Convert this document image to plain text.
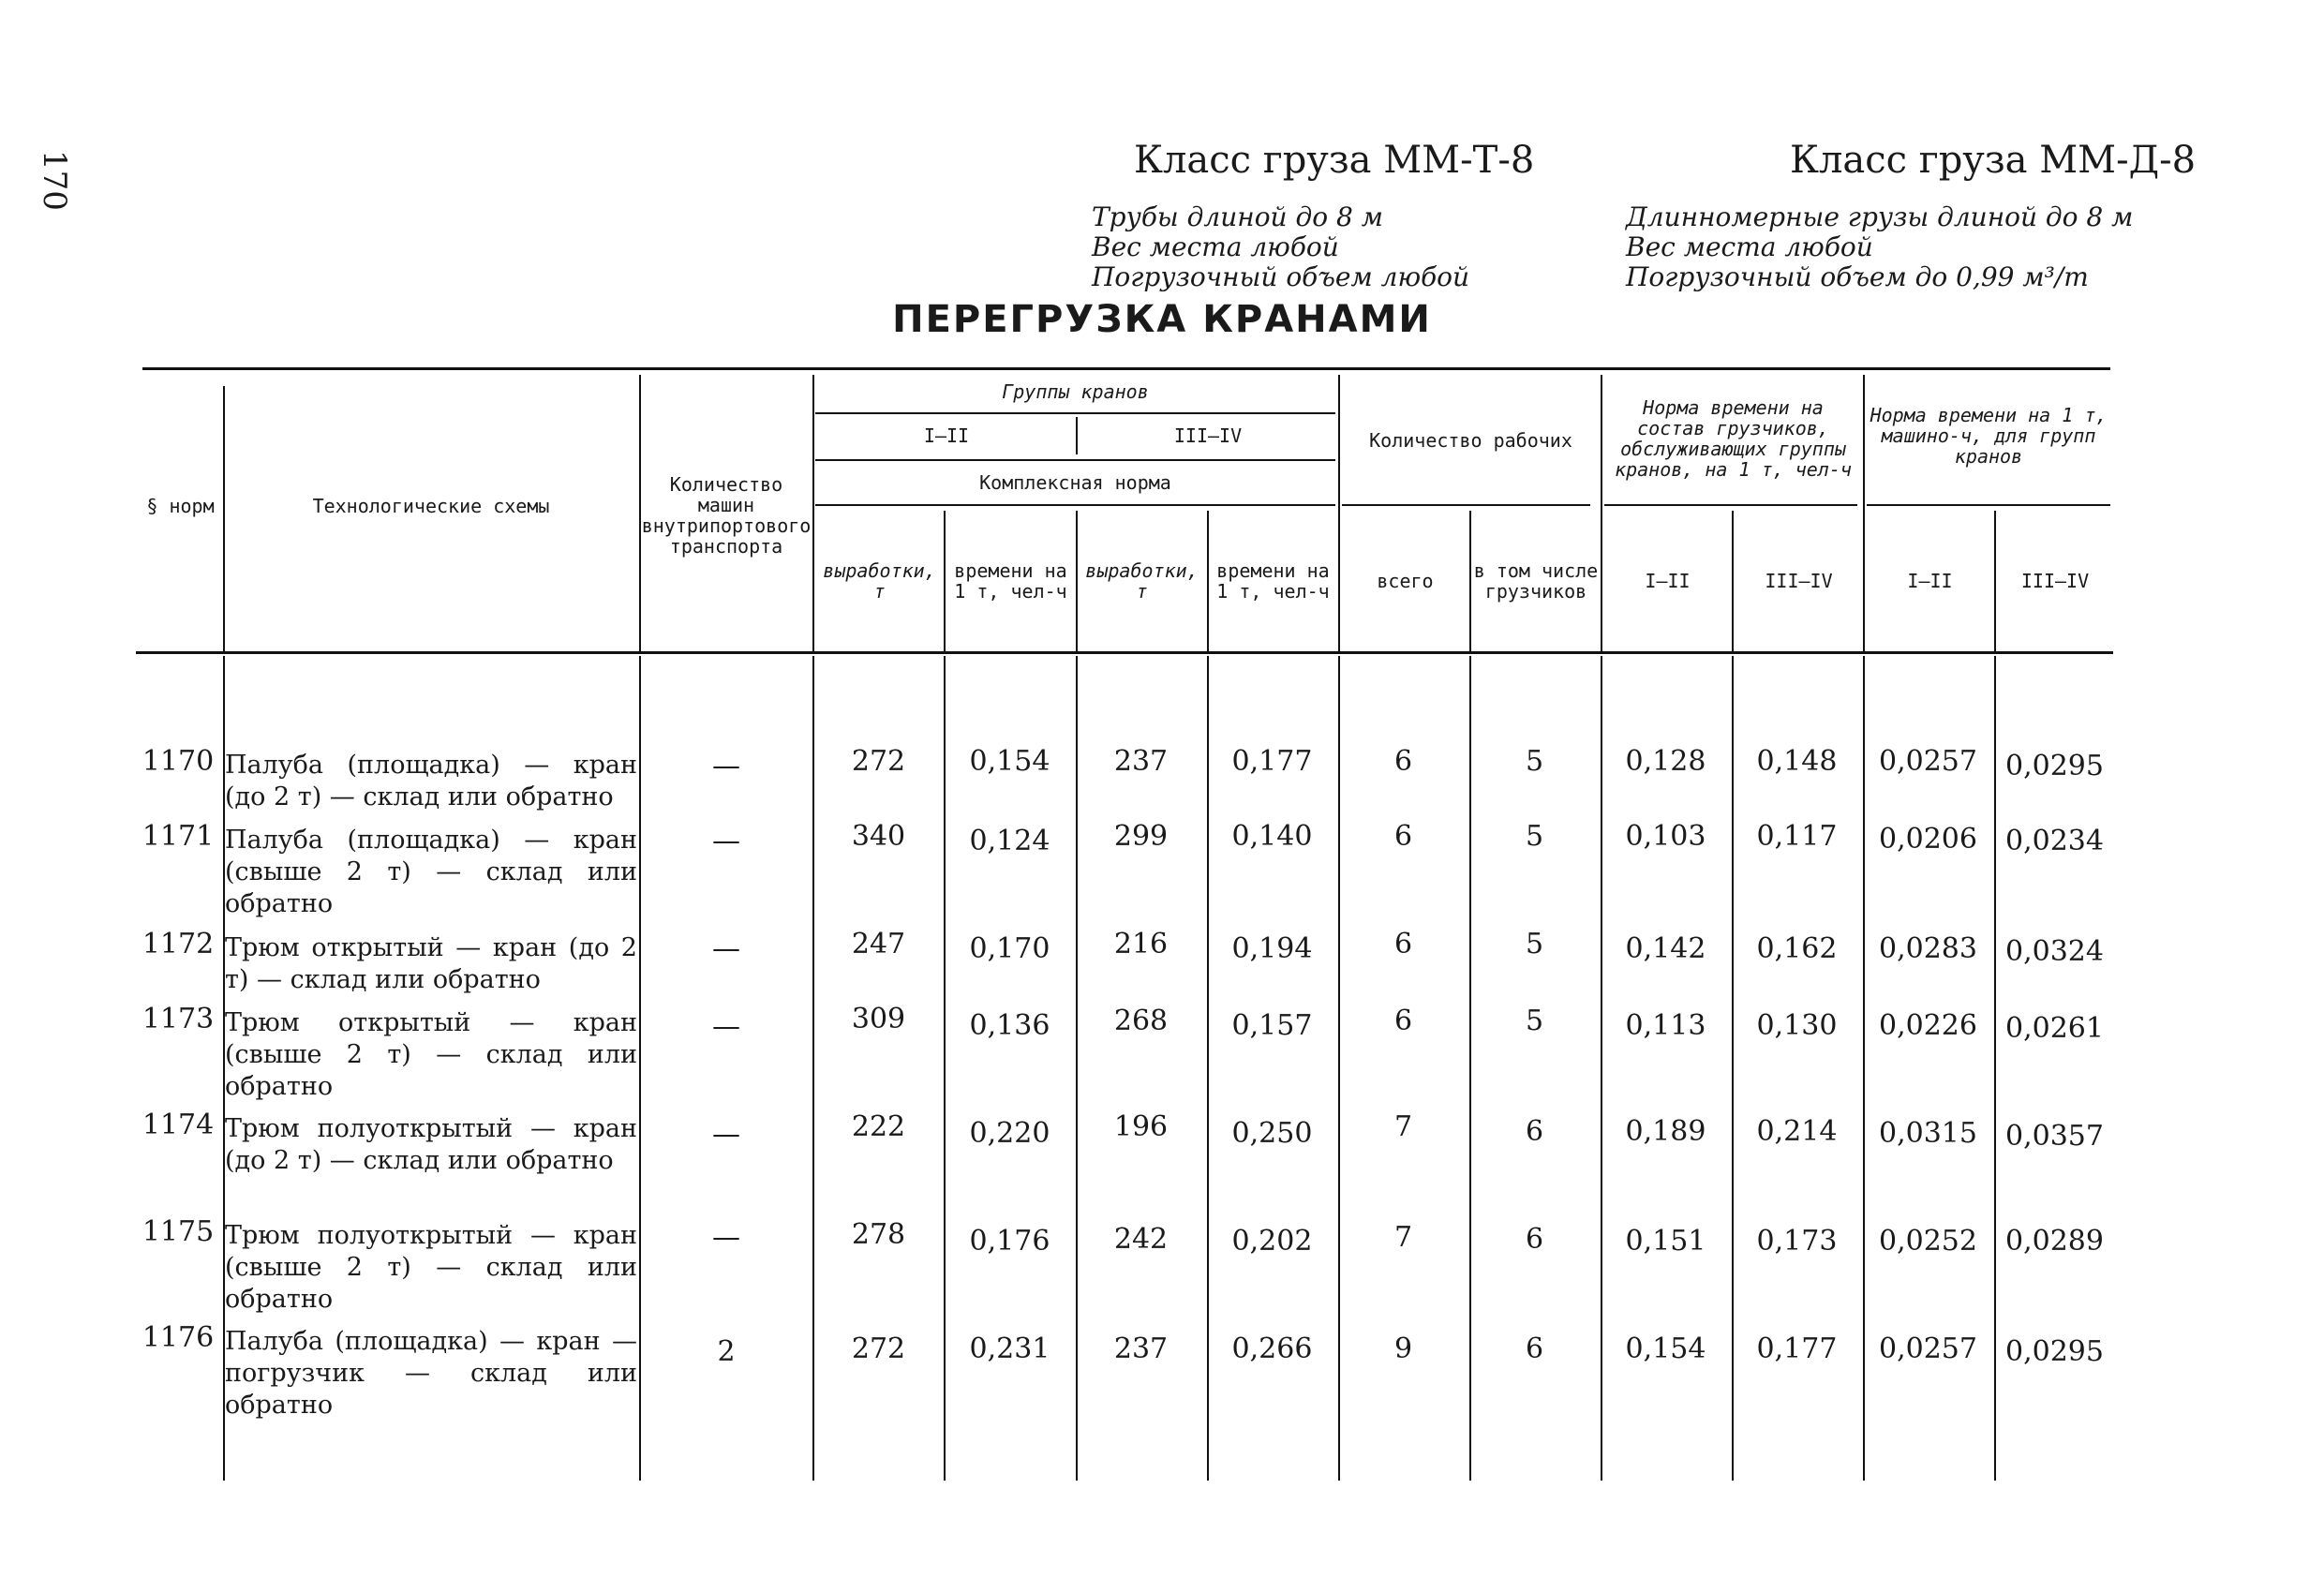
170	Класс груза ММ-Т-8
Трубы длиной до 8 м
Вес места любой
Погрузочный объем любой
Класс груза ММ-Д-8
Длинномерные грузы длиной до 8 м
Вес места любой
Погрузочный объем до 0,99 м³/т
ПЕРЕГРУЗКА КРАНАМИ
§ норм	Технологические схемы
Количество машин внутрипортового транспорта
Группы кранов
I—II	III—IV
Комплексная норма
выработки, т
времени на 1 т, чел-ч
выработки, т
времени на 1 т, чел-ч
Количество рабочих
всего	в том числе грузчиков
Норма времени на состав грузчиков, обслуживающих группы кранов, на 1 т, чел-ч
I—II	III—IV
Норма времени на 1 т, машино-ч, для групп кранов
I—II	III—IV
1170 Палуба (площадка) — кран (до 2 т) — склад или обратно
—	272	0,154	237	0,177	6	5	0,128	0,148	0,0257	0,0295
1171 Палуба (площадка) — кран (свыше 2 т) — склад или обратно
—	340	0,124	299	0,140	6	5	0,103	0,117	0,0206	0,0234
1172 Трюм открытый — кран (до 2 т) — склад или обратно
—	247	0,170	216	0,194	6	5	0,142	0,162	0,0283	0,0324
1173 Трюм открытый — кран (свыше 2 т) — склад или обратно
—	309	0,136	268	0,157	6	5	0,113	0,130	0,0226	0,0261
1174 Трюм полуоткрытый — кран (до 2 т) — склад или обратно
—	222	0,220	196	0,250	7	6	0,189	0,214	0,0315	0,0357
1175 Трюм полуоткрытый — кран (свыше 2 т) — склад или обратно
—	278	0,176	242	0,202	7	6	0,151	0,173	0,0252	0,0289
1176 Палуба (площадка) — кран — погрузчик — склад или обратно
2	272	0,231	237	0,266	9	6	0,154	0,177	0,0257	0,0295
